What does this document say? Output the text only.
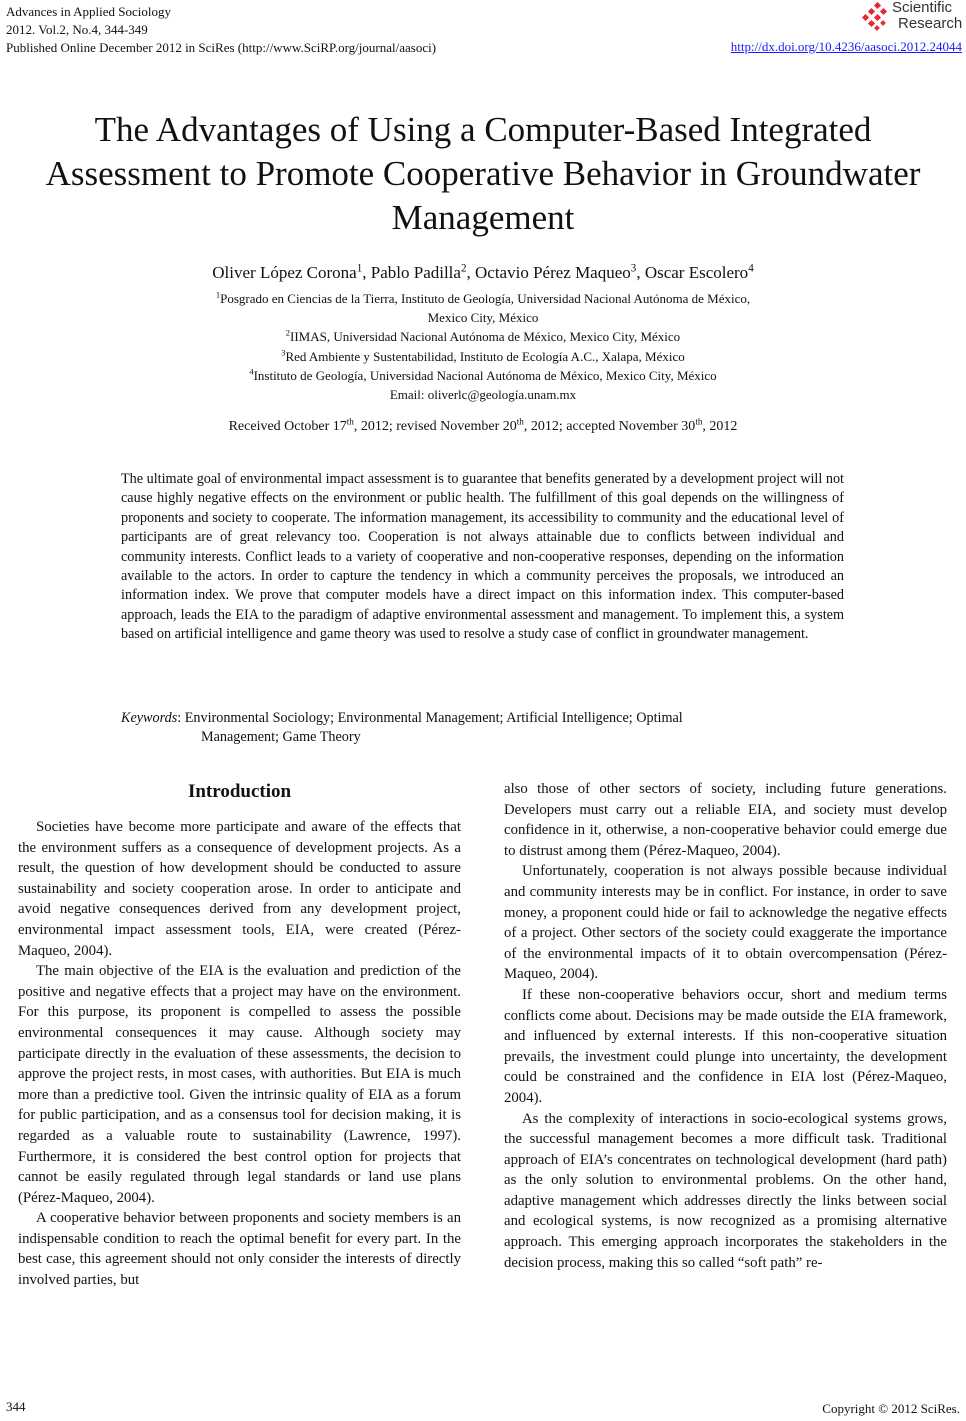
Advances in Applied Sociology
2012. Vol.2, No.4, 344-349
Published Online December 2012 in SciRes (http://www.SciRP.org/journal/aasoci)
Scientific
Research
http://dx.doi.org/10.4236/aasoci.2012.24044
The Advantages of Using a Computer-Based Integrated Assessment to Promote Cooperative Behavior in Groundwater Management
Oliver López Corona$^1$, Pablo Padilla$^2$, Octavio Pérez Maqueo$^3$, Oscar Escolero$^4$
$^1$Posgrado en Ciencias de la Tierra, Instituto de Geología, Universidad Nacional Autónoma de México,
Mexico City, México
$^2$IIMAS, Universidad Nacional Autónoma de México, Mexico City, México
$^3$Red Ambiente y Sustentabilidad, Instituto de Ecología A.C., Xalapa, México
$^4$Instituto de Geología, Universidad Nacional Autónoma de México, Mexico City, México
Email: oliverlc@geología.unam.mx
Received October 17th, 2012; revised November 20th, 2012; accepted November 30th, 2012

The ultimate goal of environmental impact assessment is to guarantee that benefits generated by a development project will not cause highly negative effects on the environment or public health. The fulfillment of this goal depends on the willingness of proponents and society to cooperate. The information management, its accessibility to community and the educational level of participants are of great relevancy too. Cooperation is not always attainable due to conflicts between individual and community interests. Conflict leads to a variety of cooperative and non-cooperative responses, depending on the information available to the actors. In order to capture the tendency in which a community perceives the proposals, we introduced an information index. We prove that computer models have a direct impact on this information index. This computer-based approach, leads the EIA to the paradigm of adaptive environmental assessment and management. To implement this, a system based on artificial intelligence and game theory was used to resolve a study case of conflict in groundwater management.

Keywords: Environmental Sociology; Environmental Management; Artificial Intelligence; Optimal
Management; Game Theory
Introduction

Societies have become more participate and aware of the effects that the environment suffers as a consequence of development projects. As a result, the question of how development should be conducted to assure sustainability and society cooperation arose. In order to anticipate and avoid negative consequences derived from any development project, environmental impact assessment tools, EIA, were created (Pérez-Maqueo, 2004).

The main objective of the EIA is the evaluation and prediction of the positive and negative effects that a project may have on the environment. For this purpose, its proponent is compelled to assess the possible environmental consequences it may cause. Although society may participate directly in the evaluation of these assessments, the decision to approve the project rests, in most cases, with authorities. But EIA is much more than a predictive tool. Given the intrinsic quality of EIA as a forum for public participation, and as a consensus tool for decision making, it is regarded as a valuable route to sustainability (Lawrence, 1997). Furthermore, it is considered the best control option for projects that cannot be easily regulated through legal standards or land use plans (Pérez-Maqueo, 2004).

A cooperative behavior between proponents and society members is an indispensable condition to reach the optimal benefit for every part. In the best case, this agreement should not only consider the interests of directly involved parties, but

also those of other sectors of society, including future generations. Developers must carry out a reliable EIA, and society must develop confidence in it, otherwise, a non-cooperative behavior could emerge due to distrust among them (Pérez-Maqueo, 2004).

Unfortunately, cooperation is not always possible because individual and community interests may be in conflict. For instance, in order to save money, a proponent could hide or fail to acknowledge the negative effects of a project. Other sectors of the society could exaggerate the importance of the environmental impacts of it to obtain overcompensation (Pérez-Maqueo, 2004).

If these non-cooperative behaviors occur, short and medium terms conflicts come about. Decisions may be made outside the EIA framework, and influenced by external interests. If this non-cooperative situation prevails, the investment could plunge into uncertainty, the development could be constrained and the confidence in EIA lost (Pérez-Maqueo, 2004).

As the complexity of interactions in socio-ecological systems grows, the successful management becomes a more difficult task. Traditional approach of EIA’s concentrates on technological development (hard path) as the only solution to environmental problems. On the other hand, adaptive management which addresses directly the links between social and ecological systems, is now recognized as a promising alternative approach. This emerging approach incorporates the stakeholders in the decision process, making this so called “soft path” re-

344	Copyright © 2012 SciRes.
